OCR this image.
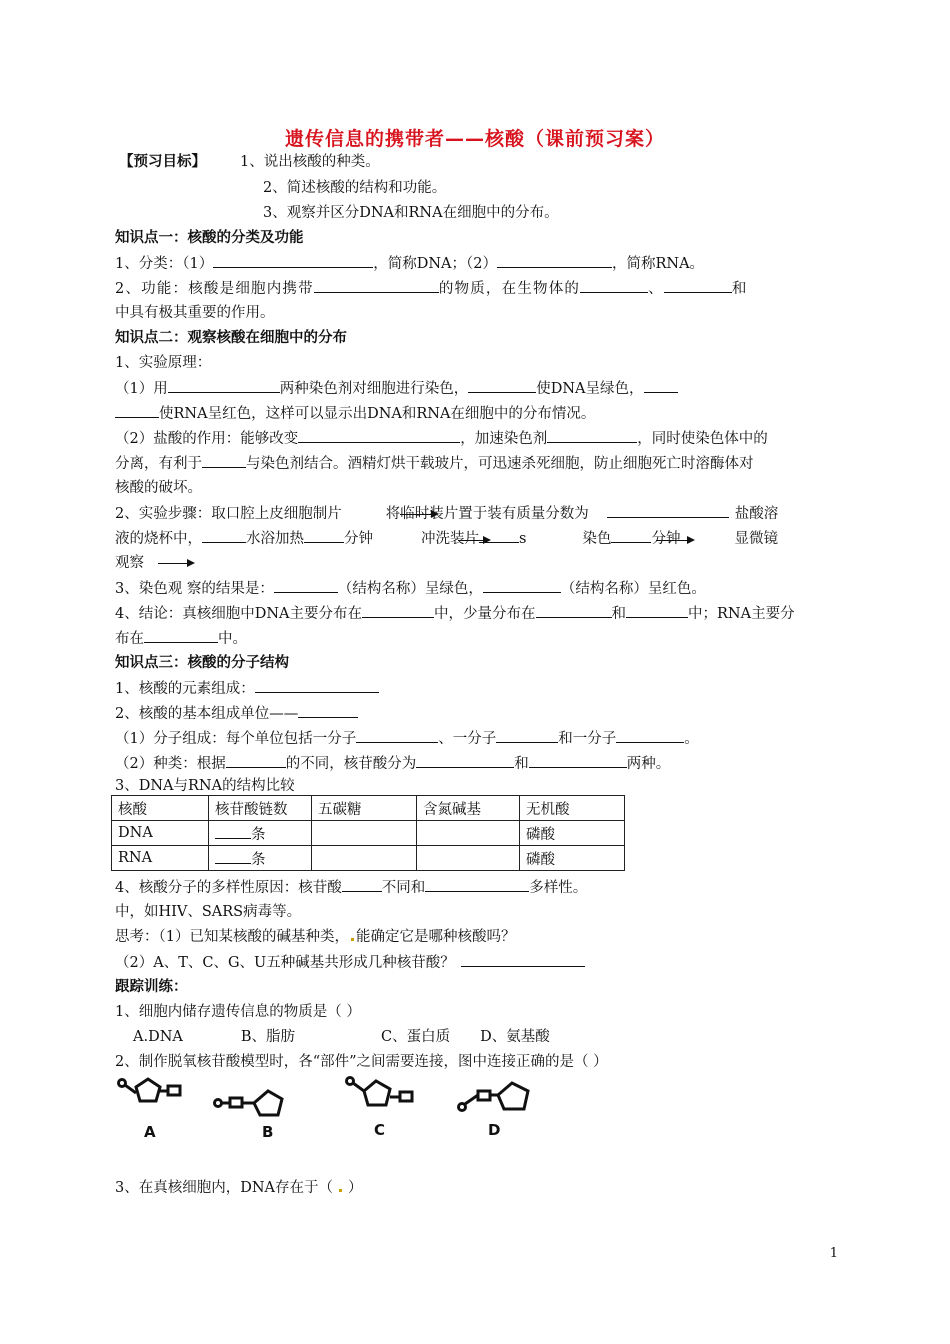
遗传信息的携带者——核酸（课前预习案）
【预习目标】 1、说出核酸的种类。
2、简述核酸的结构和功能。
3、观察并区分DNA和RNA在细胞中的分布。
知识点一：核酸的分类及功能
1、分类：（1）	，简称DNA；（2）	，简称RNA。
2、功能：核酸是细胞内携带	的物质，在生物体的	、	和
中具有极其重要的作用。
知识点二：观察核酸在细胞中的分布
1、实验原理：
（1）用	两种染色剂对细胞进行染色，	使DNA呈绿色，
使RNA呈红色，这样可以显示出DNA和RNA在细胞中的分布情况。
（2）盐酸的作用：能够改变	，加速染色剂	，同时使染色体中的
分离，有利于	与染色剂结合。酒精灯烘干载玻片，可迅速杀死细胞，防止细胞死亡时溶酶体对
核酸的破坏。
2、实验步骤：取口腔上皮细胞制片	将临时装片置于装有质量分数为	盐酸溶
液的烧杯中，	水浴加热	分钟	冲洗装片	s	染色	分钟	显微镜
观察
3、染色观 察的结果是：	（结构名称）呈绿色，	（结构名称）呈红色。
4、结论：真核细胞中DNA主要分布在	中，少量分布在	和	中；RNA主要分
布在	中。
知识点三：核酸的分子结构
1、核酸的元素组成：
2、核酸的基本组成单位——
（1）分子组成：每个单位包括一分子	、一分子	和一分子	。
（2）种类：根据	的不同，核苷酸分为	和	两种。
3、DNA与RNA的结构比较
核酸	核苷酸链数	五碳糖	含氮碱基	无机酸
DNA	条			磷酸
RNA	条			磷酸
4、核酸分子的多样性原因：核苷酸	不同和	多样性。
中，如HIV、SARS病毒等。
思考：（1）已知某核酸的碱基种类， 能确定它是哪种核酸吗？
（2）A、T、C、G、U五种碱基共形成几种核苷酸？
跟踪训练：
1、细胞内储存遗传信息的物质是（ ）
A.DNA	B、脂肪	C、蛋白质 D、氨基酸
2、制作脱氧核苷酸模型时，各“部件”之间需要连接，图中连接正确的是（ ）
A	B	C	D
3、在真核细胞内，DNA存在于（ ）
1
